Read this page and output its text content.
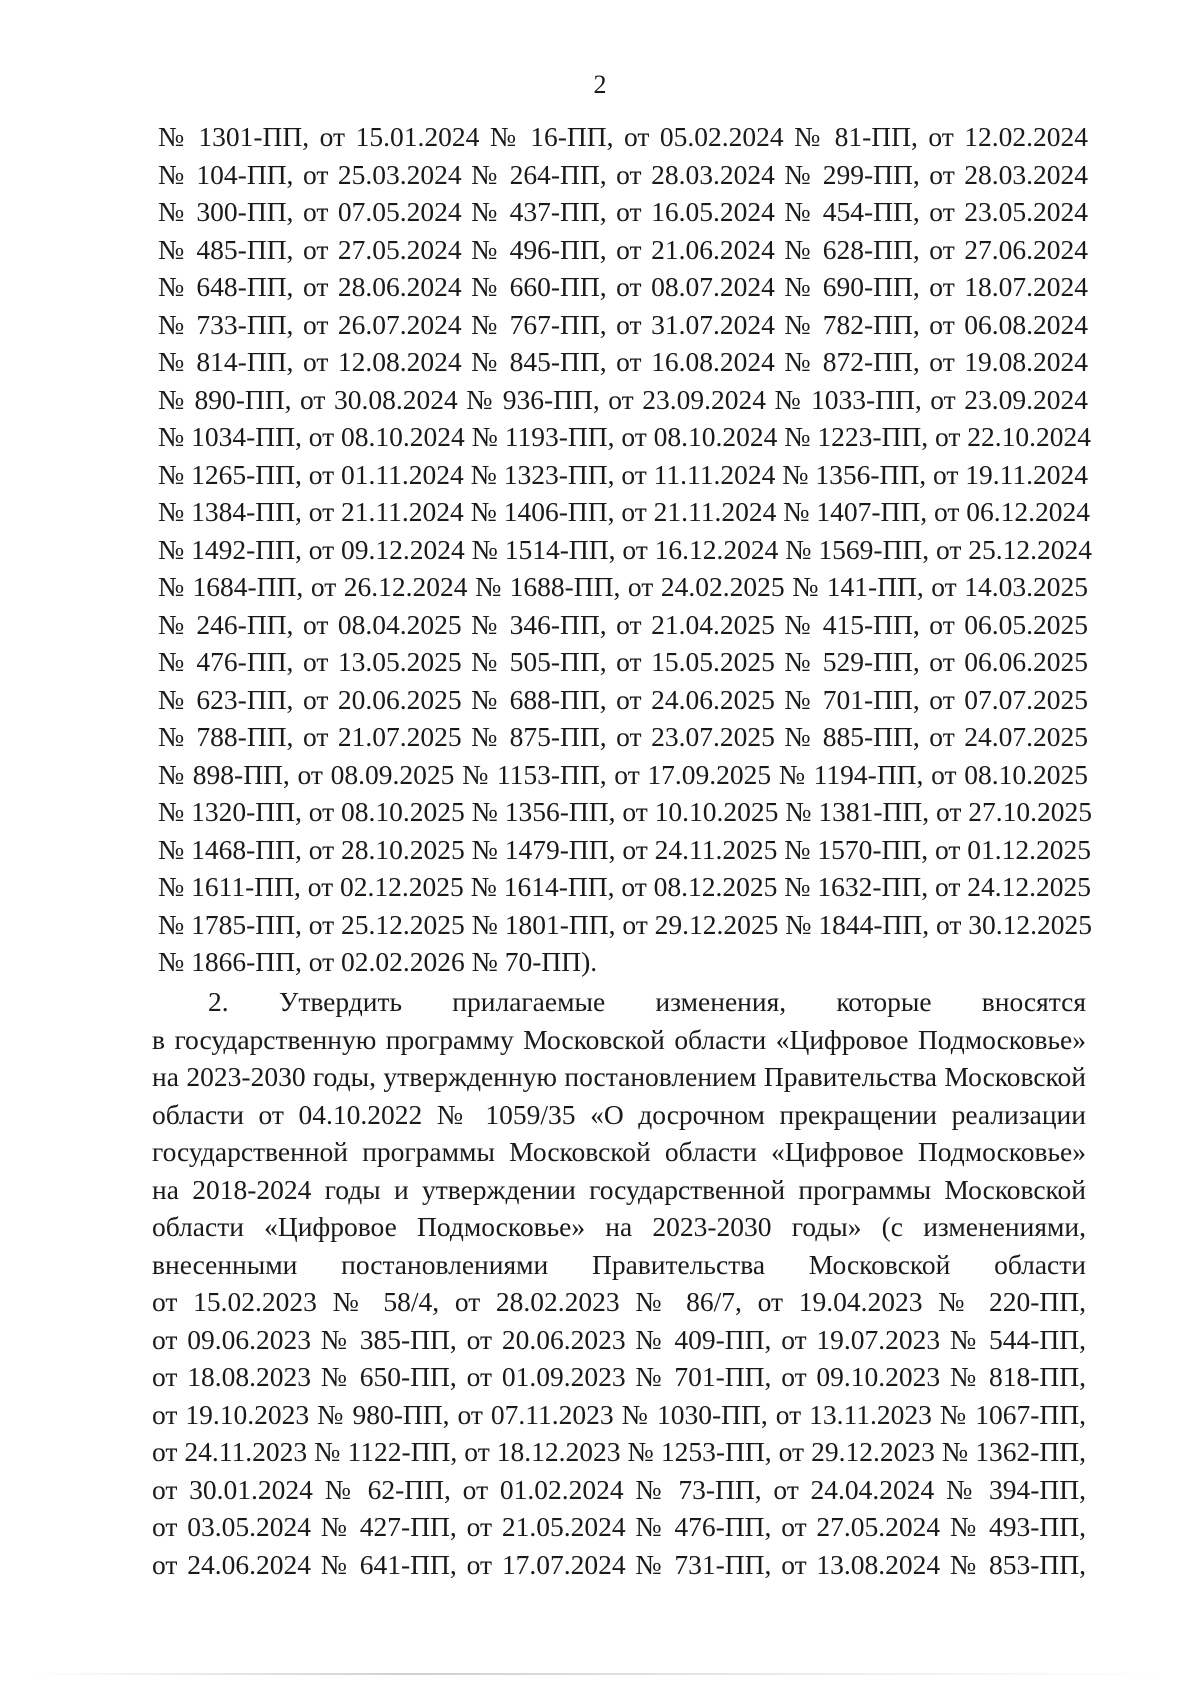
2
№ 1301-ПП, от 15.01.2024 № 16-ПП, от 05.02.2024 № 81-ПП, от 12.02.2024
№ 104-ПП, от 25.03.2024 № 264-ПП, от 28.03.2024 № 299-ПП, от 28.03.2024
№ 300-ПП, от 07.05.2024 № 437-ПП, от 16.05.2024 № 454-ПП, от 23.05.2024
№ 485-ПП, от 27.05.2024 № 496-ПП, от 21.06.2024 № 628-ПП, от 27.06.2024
№ 648-ПП, от 28.06.2024 № 660-ПП, от 08.07.2024 № 690-ПП, от 18.07.2024
№ 733-ПП, от 26.07.2024 № 767-ПП, от 31.07.2024 № 782-ПП, от 06.08.2024
№ 814-ПП, от 12.08.2024 № 845-ПП, от 16.08.2024 № 872-ПП, от 19.08.2024
№ 890-ПП, от 30.08.2024 № 936-ПП, от 23.09.2024 № 1033-ПП, от 23.09.2024
№ 1034-ПП, от 08.10.2024 № 1193-ПП, от 08.10.2024 № 1223-ПП, от 22.10.2024
№ 1265-ПП, от 01.11.2024 № 1323-ПП, от 11.11.2024 № 1356-ПП, от 19.11.2024
№ 1384-ПП, от 21.11.2024 № 1406-ПП, от 21.11.2024 № 1407-ПП, от 06.12.2024
№ 1492-ПП, от 09.12.2024 № 1514-ПП, от 16.12.2024 № 1569-ПП, от 25.12.2024
№ 1684-ПП, от 26.12.2024 № 1688-ПП, от 24.02.2025 № 141-ПП, от 14.03.2025
№ 246-ПП, от 08.04.2025 № 346-ПП, от 21.04.2025 № 415-ПП, от 06.05.2025
№ 476-ПП, от 13.05.2025 № 505-ПП, от 15.05.2025 № 529-ПП, от 06.06.2025
№ 623-ПП, от 20.06.2025 № 688-ПП, от 24.06.2025 № 701-ПП, от 07.07.2025
№ 788-ПП, от 21.07.2025 № 875-ПП, от 23.07.2025 № 885-ПП, от 24.07.2025
№ 898-ПП, от 08.09.2025 № 1153-ПП, от 17.09.2025 № 1194-ПП, от 08.10.2025
№ 1320-ПП, от 08.10.2025 № 1356-ПП, от 10.10.2025 № 1381-ПП, от 27.10.2025
№ 1468-ПП, от 28.10.2025 № 1479-ПП, от 24.11.2025 № 1570-ПП, от 01.12.2025
№ 1611-ПП, от 02.12.2025 № 1614-ПП, от 08.12.2025 № 1632-ПП, от 24.12.2025
№ 1785-ПП, от 25.12.2025 № 1801-ПП, от 29.12.2025 № 1844-ПП, от 30.12.2025
№ 1866-ПП, от 02.02.2026 № 70-ПП).
2. Утвердить прилагаемые изменения, которые вносятся
в государственную программу Московской области «Цифровое Подмосковье»
на 2023-2030 годы, утвержденную постановлением Правительства Московской
области от 04.10.2022 № 1059/35 «О досрочном прекращении реализации
государственной программы Московской области «Цифровое Подмосковье»
на 2018-2024 годы и утверждении государственной программы Московской
области «Цифровое Подмосковье» на 2023-2030 годы» (с изменениями,
внесенными постановлениями Правительства Московской области
от 15.02.2023 № 58/4, от 28.02.2023 № 86/7, от 19.04.2023 № 220-ПП,
от 09.06.2023 № 385-ПП, от 20.06.2023 № 409-ПП, от 19.07.2023 № 544-ПП,
от 18.08.2023 № 650-ПП, от 01.09.2023 № 701-ПП, от 09.10.2023 № 818-ПП,
от 19.10.2023 № 980-ПП, от 07.11.2023 № 1030-ПП, от 13.11.2023 № 1067-ПП,
от 24.11.2023 № 1122-ПП, от 18.12.2023 № 1253-ПП, от 29.12.2023 № 1362-ПП,
от 30.01.2024 № 62-ПП, от 01.02.2024 № 73-ПП, от 24.04.2024 № 394-ПП,
от 03.05.2024 № 427-ПП, от 21.05.2024 № 476-ПП, от 27.05.2024 № 493-ПП,
от 24.06.2024 № 641-ПП, от 17.07.2024 № 731-ПП, от 13.08.2024 № 853-ПП,
